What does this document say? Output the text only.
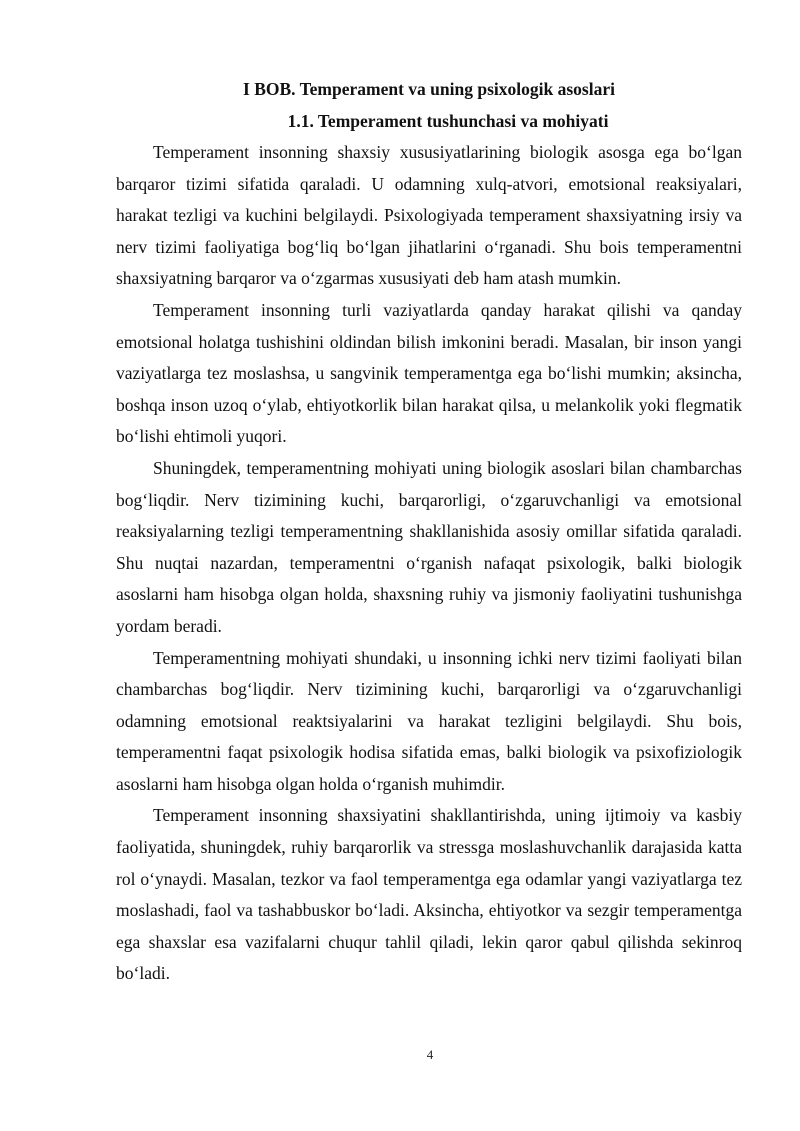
I BOB. Temperament va uning psixologik asoslari
1.1. Temperament tushunchasi va mohiyati

Temperament insonning shaxsiy xususiyatlarining biologik asosga ega bo‘lgan barqaror tizimi sifatida qaraladi. U odamning xulq-atvori, emotsional reaksiyalari, harakat tezligi va kuchini belgilaydi. Psixologiyada temperament shaxsiyatning irsiy va nerv tizimi faoliyatiga bog‘liq bo‘lgan jihatlarini o‘rganadi. Shu bois temperamentni shaxsiyatning barqaror va o‘zgarmas xususiyati deb ham atash mumkin.

Temperament insonning turli vaziyatlarda qanday harakat qilishi va qanday emotsional holatga tushishini oldindan bilish imkonini beradi. Masalan, bir inson yangi vaziyatlarga tez moslashsa, u sangvinik temperamentga ega bo‘lishi mumkin; aksincha, boshqa inson uzoq o‘ylab, ehtiyotkorlik bilan harakat qilsa, u melankolik yoki flegmatik bo‘lishi ehtimoli yuqori.

Shuningdek, temperamentning mohiyati uning biologik asoslari bilan chambarchas bog‘liqdir. Nerv tizimining kuchi, barqarorligi, o‘zgaruvchanligi va emotsional reaksiyalarning tezligi temperamentning shakllanishida asosiy omillar sifatida qaraladi. Shu nuqtai nazardan, temperamentni o‘rganish nafaqat psixologik, balki biologik asoslarni ham hisobga olgan holda, shaxsning ruhiy va jismoniy faoliyatini tushunishga yordam beradi.

Temperamentning mohiyati shundaki, u insonning ichki nerv tizimi faoliyati bilan chambarchas bog‘liqdir. Nerv tizimining kuchi, barqarorligi va o‘zgaruvchanligi odamning emotsional reaktsiyalarini va harakat tezligini belgilaydi. Shu bois, temperamentni faqat psixologik hodisa sifatida emas, balki biologik va psixofiziologik asoslarni ham hisobga olgan holda o‘rganish muhimdir.

Temperament insonning shaxsiyatini shakllantirishda, uning ijtimoiy va kasbiy faoliyatida, shuningdek, ruhiy barqarorlik va stressga moslashuvchanlik darajasida katta rol o‘ynaydi. Masalan, tezkor va faol temperamentga ega odamlar yangi vaziyatlarga tez moslashadi, faol va tashabbuskor bo‘ladi. Aksincha, ehtiyotkor va sezgir temperamentga ega shaxslar esa vazifalarni chuqur tahlil qiladi, lekin qaror qabul qilishda sekinroq bo‘ladi.

4
